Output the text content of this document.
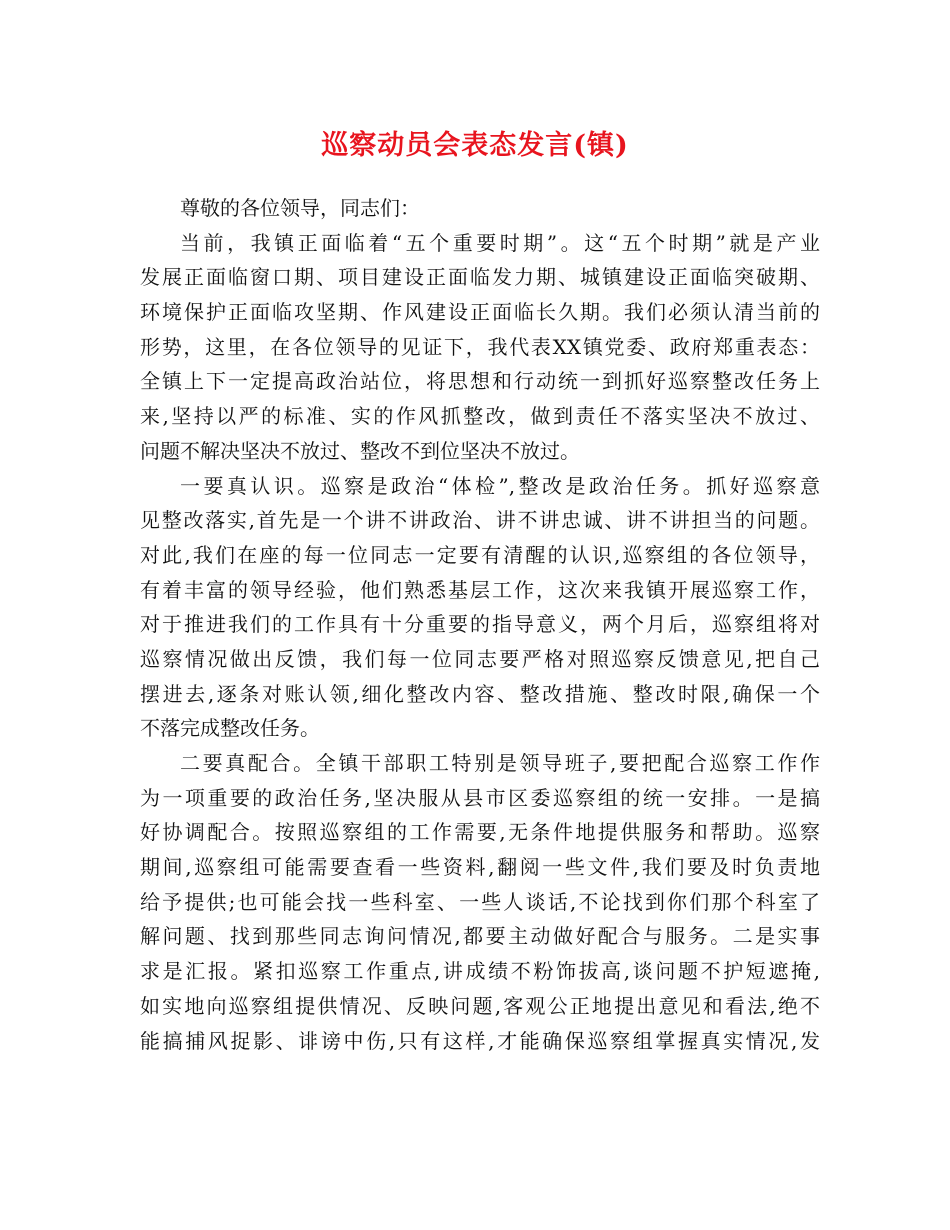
巡察动员会表态发言(镇)
尊敬的各位领导，同志们：
当前，我镇正面临着“五个重要时期”。这“五个时期”就是产业
发展正面临窗口期、项目建设正面临发力期、城镇建设正面临突破期、
环境保护正面临攻坚期、作风建设正面临长久期。我们必须认清当前的
形势，这里，在各位领导的见证下，我代表XX镇党委、政府郑重表态：
全镇上下一定提高政治站位，将思想和行动统一到抓好巡察整改任务上
来,坚持以严的标准、实的作风抓整改，做到责任不落实坚决不放过、
问题不解决坚决不放过、整改不到位坚决不放过。
一要真认识。巡察是政治“体检”,整改是政治任务。抓好巡察意
见整改落实,首先是一个讲不讲政治、讲不讲忠诚、讲不讲担当的问题。
对此,我们在座的每一位同志一定要有清醒的认识,巡察组的各位领导，
有着丰富的领导经验，他们熟悉基层工作，这次来我镇开展巡察工作，
对于推进我们的工作具有十分重要的指导意义，两个月后，巡察组将对
巡察情况做出反馈，我们每一位同志要严格对照巡察反馈意见,把自己
摆进去,逐条对账认领,细化整改内容、整改措施、整改时限,确保一个
不落完成整改任务。
二要真配合。全镇干部职工特别是领导班子,要把配合巡察工作作
为一项重要的政治任务,坚决服从县市区委巡察组的统一安排。一是搞
好协调配合。按照巡察组的工作需要,无条件地提供服务和帮助。巡察
期间,巡察组可能需要查看一些资料,翻阅一些文件,我们要及时负责地
给予提供;也可能会找一些科室、一些人谈话,不论找到你们那个科室了
解问题、找到那些同志询问情况,都要主动做好配合与服务。二是实事
求是汇报。紧扣巡察工作重点,讲成绩不粉饰拔高,谈问题不护短遮掩,
如实地向巡察组提供情况、反映问题,客观公正地提出意见和看法,绝不
能搞捕风捉影、诽谤中伤,只有这样,才能确保巡察组掌握真实情况,发
